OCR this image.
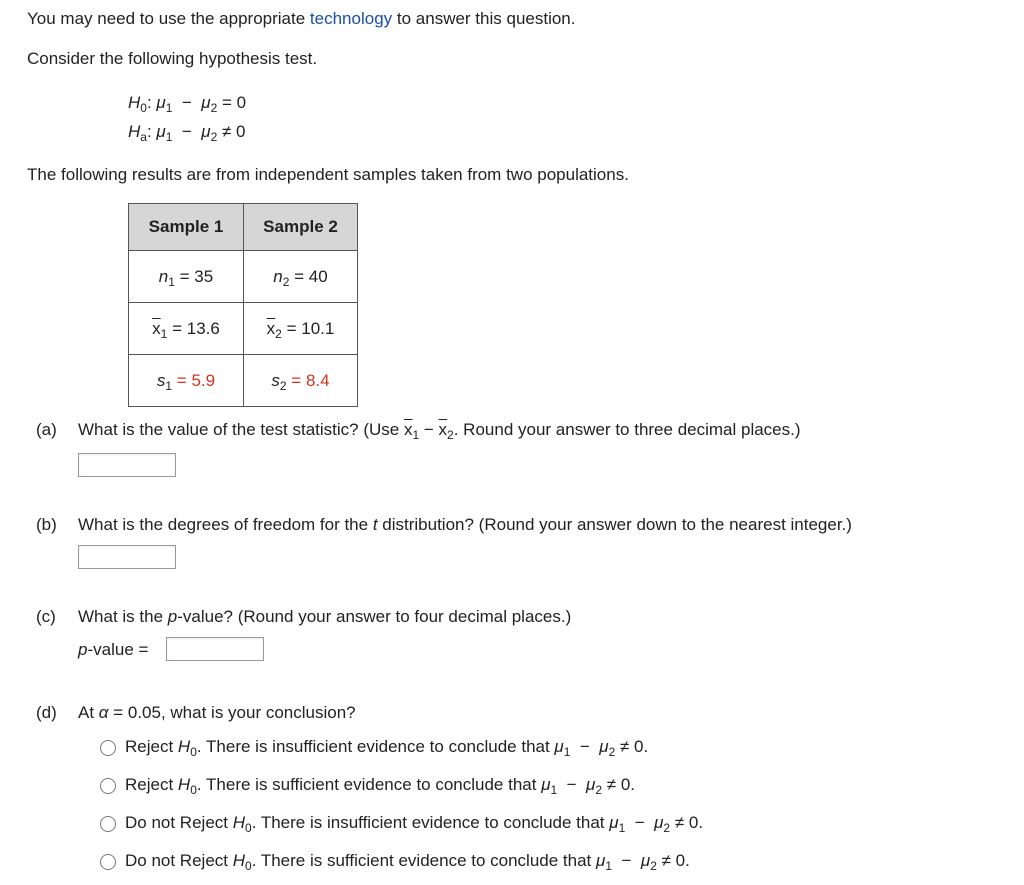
You may need to use the appropriate technology to answer this question.
Consider the following hypothesis test.
$H_0$: $\mu_1 - \mu_2 = 0$
$H_a$: $\mu_1 - \mu_2 \ne 0$
The following results are from independent samples taken from two populations.
Sample 1	Sample 2
$n_1 = 35$	$n_2 = 40$
$\overline{x}_1 = 13.6$	$\overline{x}_2 = 10.1$
$s_1 = 5.9$	$s_2 = 8.4$
(a) What is the value of the test statistic? (Use $\overline{x}_1 - \overline{x}_2$. Round your answer to three decimal places.)
(b) What is the degrees of freedom for the t distribution? (Round your answer down to the nearest integer.)
(c) What is the p-value? (Round your answer to four decimal places.)
p-value =
(d) At α = 0.05, what is your conclusion?
Reject $H_0$. There is insufficient evidence to conclude that $\mu_1 - \mu_2 \ne 0$.
Reject $H_0$. There is sufficient evidence to conclude that $\mu_1 - \mu_2 \ne 0$.
Do not Reject $H_0$. There is insufficient evidence to conclude that $\mu_1 - \mu_2 \ne 0$.
Do not Reject $H_0$. There is sufficient evidence to conclude that $\mu_1 - \mu_2 \ne 0$.
